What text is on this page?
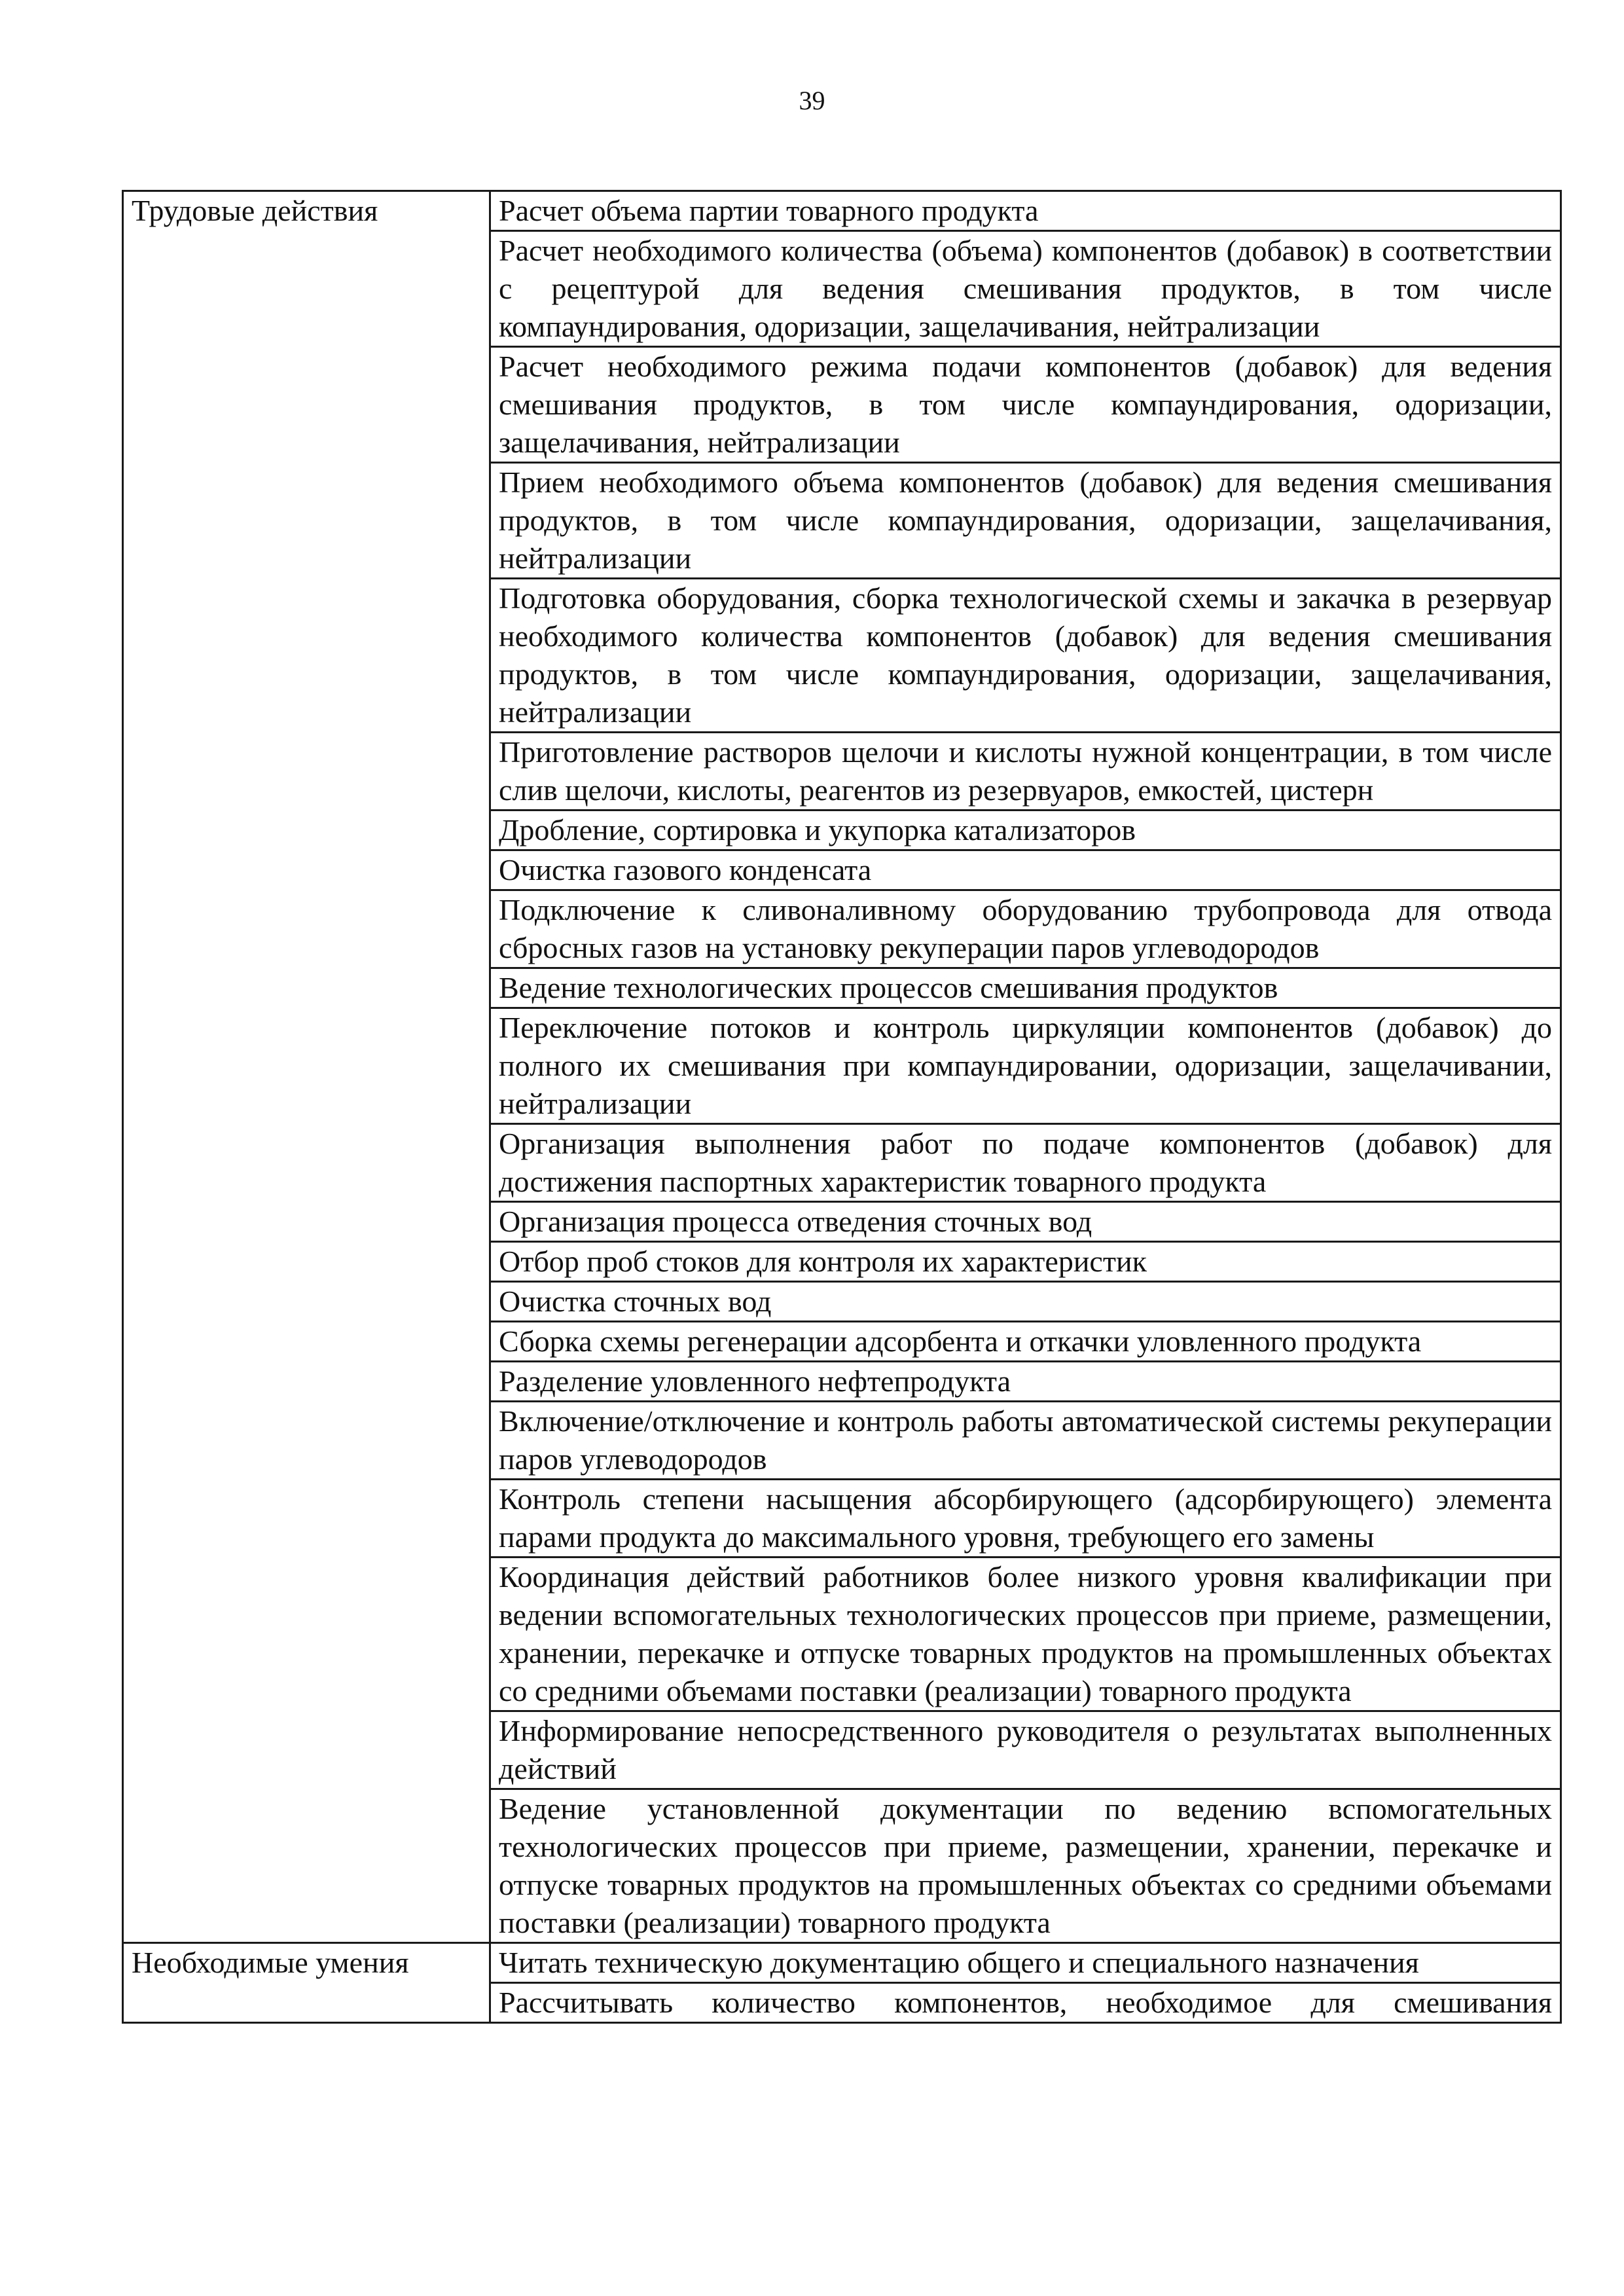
39
Трудовые действия	Расчет объема партии товарного продукта
	Расчет необходимого количества (объема) компонентов (добавок) в соответствии с рецептурой для ведения смешивания продуктов, в том числе компаундирования, одоризации, защелачивания, нейтрализации
	Расчет необходимого режима подачи компонентов (добавок) для ведения смешивания продуктов, в том числе компаундирования, одоризации, защелачивания, нейтрализации
	Прием необходимого объема компонентов (добавок) для ведения смешивания продуктов, в том числе компаундирования, одоризации, защелачивания, нейтрализации
	Подготовка оборудования, сборка технологической схемы и закачка в резервуар необходимого количества компонентов (добавок) для ведения смешивания продуктов, в том числе компаундирования, одоризации, защелачивания, нейтрализации
	Приготовление растворов щелочи и кислоты нужной концентрации, в том числе слив щелочи, кислоты, реагентов из резервуаров, емкостей, цистерн
	Дробление, сортировка и укупорка катализаторов
	Очистка газового конденсата
	Подключение к сливоналивному оборудованию трубопровода для отвода сбросных газов на установку рекуперации паров углеводородов
	Ведение технологических процессов смешивания продуктов
	Переключение потоков и контроль циркуляции компонентов (добавок) до полного их смешивания при компаундировании, одоризации, защелачивании, нейтрализации
	Организация выполнения работ по подаче компонентов (добавок) для достижения паспортных характеристик товарного продукта
	Организация процесса отведения сточных вод
	Отбор проб стоков для контроля их характеристик
	Очистка сточных вод
	Сборка схемы регенерации адсорбента и откачки уловленного продукта
	Разделение уловленного нефтепродукта
	Включение/отключение и контроль работы автоматической системы рекуперации паров углеводородов
	Контроль степени насыщения абсорбирующего (адсорбирующего) элемента парами продукта до максимального уровня, требующего его замены
	Координация действий работников более низкого уровня квалификации при ведении вспомогательных технологических процессов при приеме, размещении, хранении, перекачке и отпуске товарных продуктов на промышленных объектах со средними объемами поставки (реализации) товарного продукта
	Информирование непосредственного руководителя о результатах выполненных действий
	Ведение установленной документации по ведению вспомогательных технологических процессов при приеме, размещении, хранении, перекачке и отпуске товарных продуктов на промышленных объектах со средними объемами поставки (реализации) товарного продукта
Необходимые умения	Читать техническую документацию общего и специального назначения
	Рассчитывать количество компонентов, необходимое для смешивания
